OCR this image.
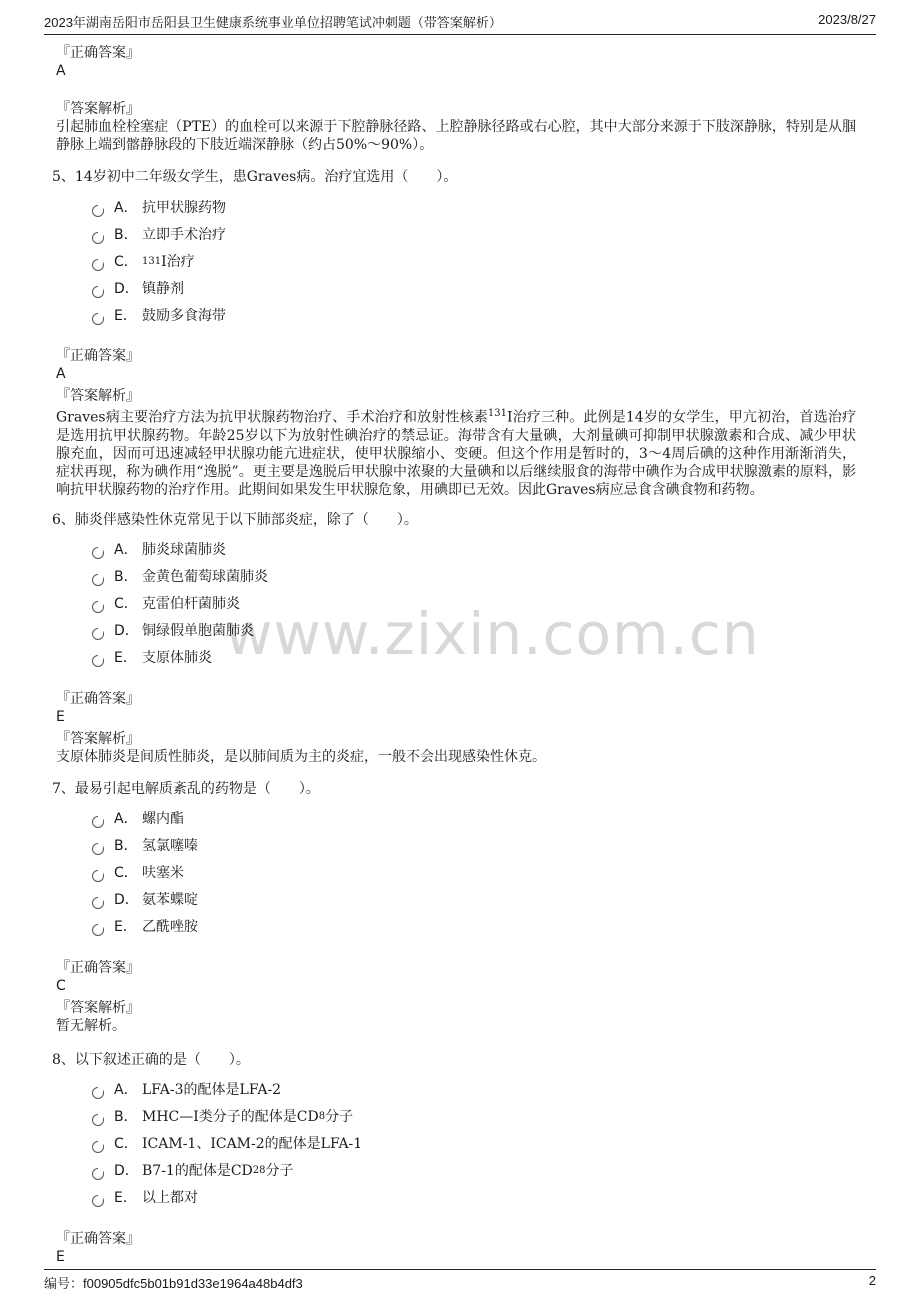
2023年湖南岳阳市岳阳县卫生健康系统事业单位招聘笔试冲刺题（带答案解析）	2023/8/27
www.zixin.com.cn
『正确答案』
A
『答案解析』
引起肺血栓栓塞症（PTE）的血栓可以来源于下腔静脉径路、上腔静脉径路或右心腔，其中大部分来源于下肢深静脉，特别是从腘静脉上端到髂静脉段的下肢近端深静脉（约占50%～90%）。
5、14岁初中二年级女学生，患Graves病。治疗宜选用（　　）。
A． 抗甲状腺药物
B． 立即手术治疗
C． 131 I治疗
D． 镇静剂
E． 鼓励多食海带
『正确答案』
A
『答案解析』
Graves病主要治疗方法为抗甲状腺药物治疗、手术治疗和放射性核素$^{131}$I治疗三种。此例是14岁的女学生，甲亢初治，首选治疗是选用抗甲状腺药物。年龄25岁以下为放射性碘治疗的禁忌证。海带含有大量碘，大剂量碘可抑制甲状腺激素和合成、减少甲状腺充血，因而可迅速减轻甲状腺功能亢进症状，使甲状腺缩小、变硬。但这个作用是暂时的，3～4周后碘的这种作用渐渐消失，症状再现，称为碘作用“逸脱”。更主要是逸脱后甲状腺中浓聚的大量碘和以后继续服食的海带中碘作为合成甲状腺激素的原料，影响抗甲状腺药物的治疗作用。此期间如果发生甲状腺危象，用碘即已无效。因此Graves病应忌食含碘食物和药物。
6、肺炎伴感染性休克常见于以下肺部炎症，除了（　　）。
A． 肺炎球菌肺炎
B． 金黄色葡萄球菌肺炎
C． 克雷伯杆菌肺炎
D． 铜绿假单胞菌肺炎
E． 支原体肺炎
『正确答案』
E
『答案解析』
支原体肺炎是间质性肺炎，是以肺间质为主的炎症，一般不会出现感染性休克。
7、最易引起电解质紊乱的药物是（　　）。
A． 螺内酯
B． 氢氯噻嗪
C． 呋塞米
D． 氨苯蝶啶
E． 乙酰唑胺
『正确答案』
C
『答案解析』
暂无解析。
8、以下叙述正确的是（　　）。
A． LFA-3的配体是LFA-2
B． MHC—I类分子的配体是CD 8 分子
C． ICAM-1、ICAM-2的配体是LFA-1
D． B7-1的配体是CD 28 分子
E． 以上都对
『正确答案』
E
编号：f00905dfc5b01b91d33e1964a48b4df3	2
